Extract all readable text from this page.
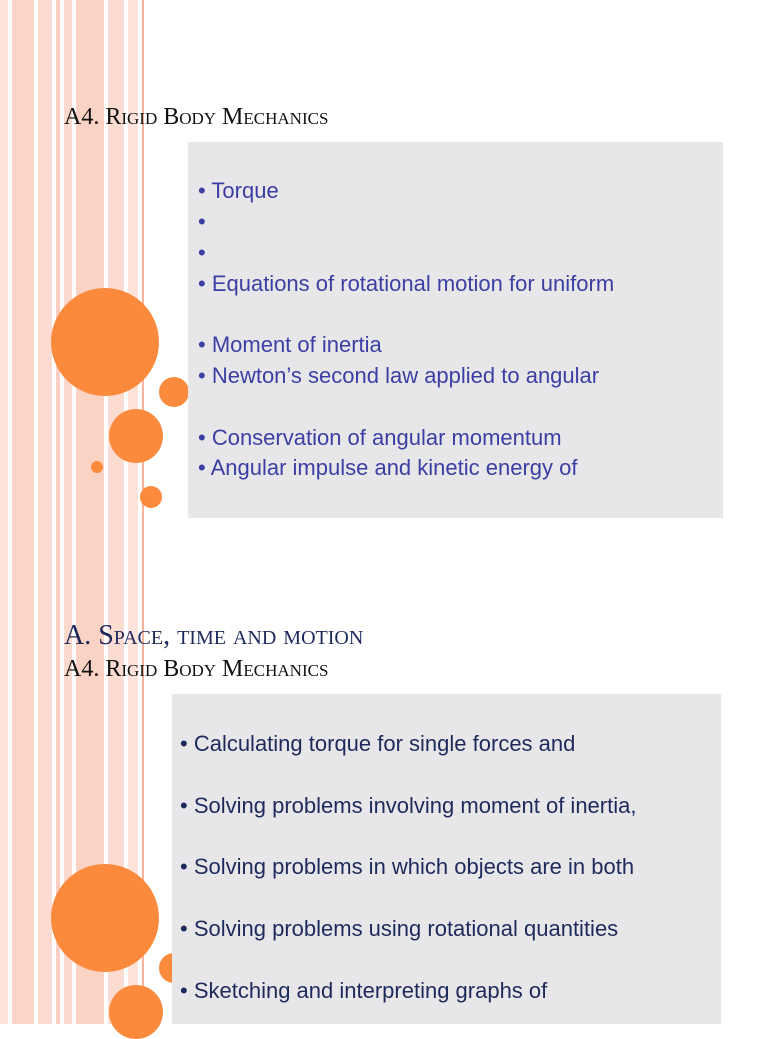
A4. Rigid Body Mechanics
• Torque
•
•
• Equations of rotational motion for uniform
• Moment of inertia
• Newton’s second law applied to angular
• Conservation of angular momentum
• Angular impulse and kinetic energy of
A. Space, time and motion
A4. Rigid Body Mechanics
• Calculating torque for single forces and
• Solving problems involving moment of inertia,
• Solving problems in which objects are in both
• Solving problems using rotational quantities
• Sketching and interpreting graphs of
